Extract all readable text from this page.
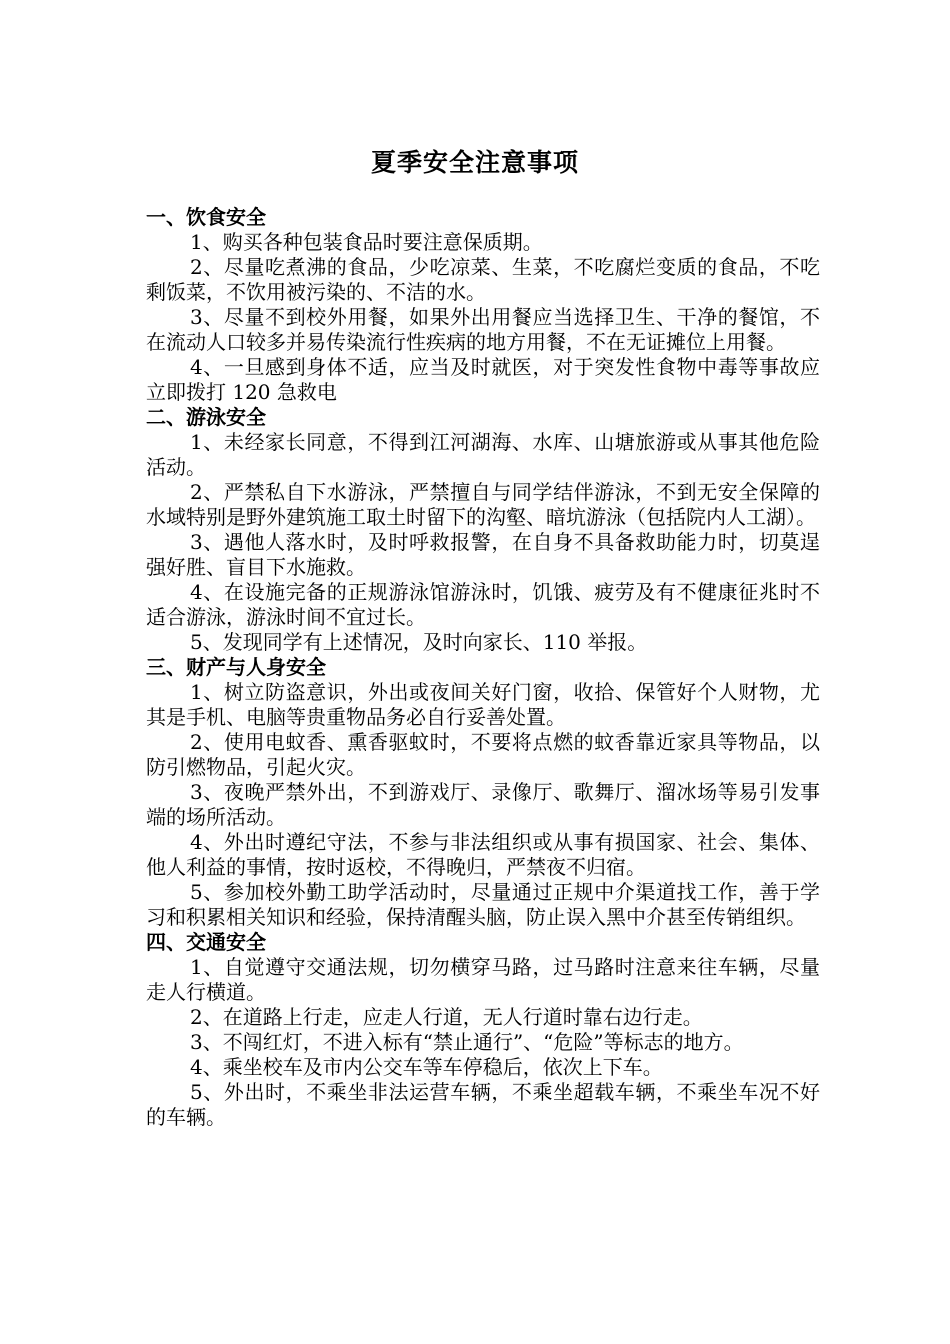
夏季安全注意事项

一、饮食安全

1、购买各种包装食品时要注意保质期。

2、尽量吃煮沸的食品，少吃凉菜、生菜，不吃腐烂变质的食品，不吃剩饭菜，不饮用被污染的、不洁的水。

3、尽量不到校外用餐，如果外出用餐应当选择卫生、干净的餐馆，不在流动人口较多并易传染流行性疾病的地方用餐，不在无证摊位上用餐。

4、一旦感到身体不适，应当及时就医，对于突发性食物中毒等事故应立即拨打 120 急救电

二、游泳安全

1、未经家长同意，不得到江河湖海、水库、山塘旅游或从事其他危险活动。

2、严禁私自下水游泳，严禁擅自与同学结伴游泳，不到无安全保障的水域特别是野外建筑施工取土时留下的沟壑、暗坑游泳（包括院内人工湖）。

3、遇他人落水时，及时呼救报警，在自身不具备救助能力时，切莫逞强好胜、盲目下水施救。

4、在设施完备的正规游泳馆游泳时，饥饿、疲劳及有不健康征兆时不适合游泳，游泳时间不宜过长。

5、发现同学有上述情况，及时向家长、110 举报。

三、财产与人身安全

1、树立防盗意识，外出或夜间关好门窗，收拾、保管好个人财物，尤其是手机、电脑等贵重物品务必自行妥善处置。

2、使用电蚊香、熏香驱蚊时，不要将点燃的蚊香靠近家具等物品，以防引燃物品，引起火灾。

3、夜晚严禁外出，不到游戏厅、录像厅、歌舞厅、溜冰场等易引发事端的场所活动。

4、外出时遵纪守法，不参与非法组织或从事有损国家、社会、集体、他人利益的事情，按时返校，不得晚归，严禁夜不归宿。

5、参加校外勤工助学活动时，尽量通过正规中介渠道找工作，善于学习和积累相关知识和经验，保持清醒头脑，防止误入黑中介甚至传销组织。

四、交通安全

1、自觉遵守交通法规，切勿横穿马路，过马路时注意来往车辆，尽量走人行横道。

2、在道路上行走，应走人行道，无人行道时靠右边行走。

3、不闯红灯，不进入标有“禁止通行”、“危险”等标志的地方。

4、乘坐校车及市内公交车等车停稳后，依次上下车。

5、外出时，不乘坐非法运营车辆，不乘坐超载车辆，不乘坐车况不好的车辆。
